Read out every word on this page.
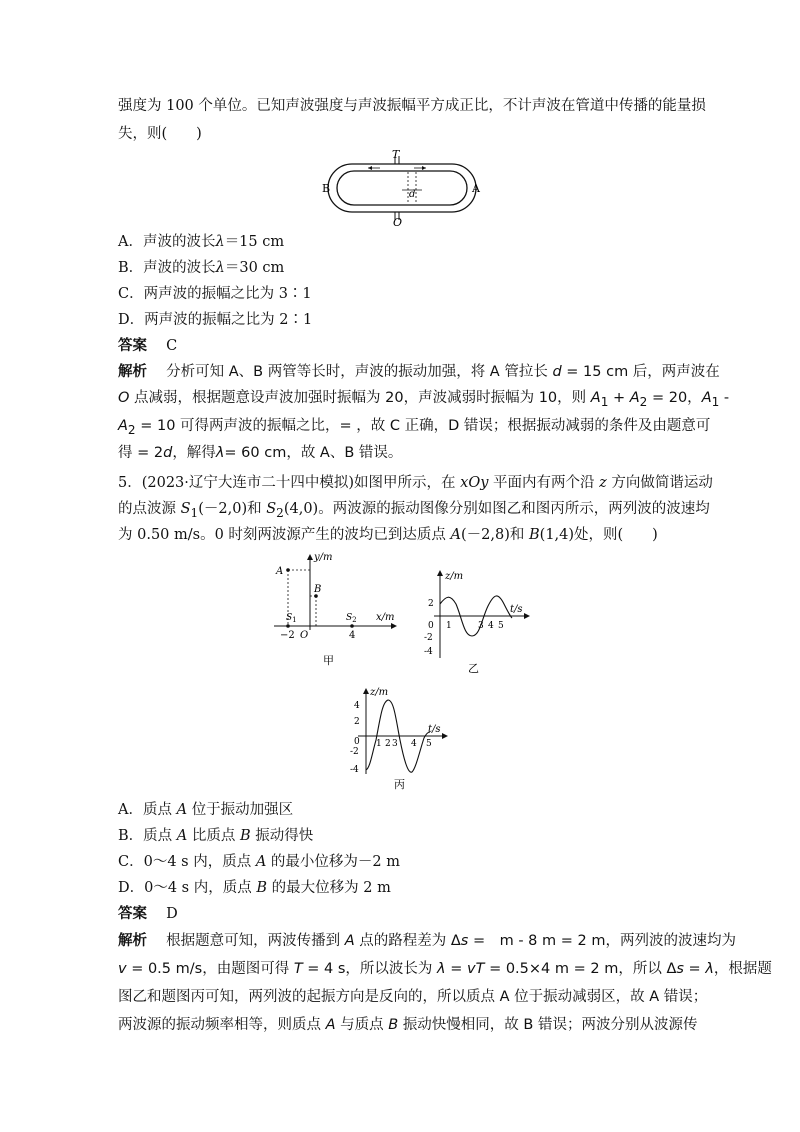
强度为 100 个单位。已知声波强度与声波振幅平方成正比，不计声波在管道中传播的能量损
失，则(　　)
T
O
d
B	A
A．声波的波长λ＝15 cm
B．声波的波长λ＝30 cm
C．两声波的振幅之比为 3∶1
D．两声波的振幅之比为 2∶1
答案　 C
解析　 分析可知 A、B 两管等长时，声波的振动加强，将 A 管拉长 d = 15 cm 后，两声波在
O 点减弱，根据题意设声波加强时振幅为 20，声波减弱时振幅为 10，则 $A_1 + A_2 = 20$，$A_1$ -
$A_2 = 10$ 可得两声波的振幅之比，= ，故 C 正确，D 错误；根据振动减弱的条件及由题意可
得 = 2d，解得λ= 60 cm，故 A、B 错误。
5．(2023·辽宁大连市二十四中模拟)如图甲所示，在 xOy 平面内有两个沿 z 方向做简谐运动
的点波源 $S_1(-2,0)$和 $S_2(4,0)$。两波源的振动图像分别如图乙和图丙所示，两列波的波速均
为 0.50 m/s。0 时刻两波源产生的波均已到达质点 A(－2,8)和 B(1,4)处，则(　　)
y/m
x/m
A
B
$S_1$	$S_2$
−2 O	4
甲
z/m
t/s
2
0
-2
-4
1	3 4 5
乙
z/m
t/s
4
2
0
-2
-4
1 2 3 4 5
丙
A．质点 A 位于振动加强区
B．质点 A 比质点 B 振动得快
C．0～4 s 内，质点 A 的最小位移为－2 m
D．0～4 s 内，质点 B 的最大位移为 2 m
答案　 D
解析　 根据题意可知，两波传播到 A 点的路程差为 Δs =　m - 8 m = 2 m，两列波的波速均为
v = 0.5 m/s，由题图可得 T = 4 s，所以波长为 λ = vT = 0.5×4 m = 2 m，所以 Δs = λ，根据题
图乙和题图丙可知，两列波的起振方向是反向的，所以质点 A 位于振动减弱区，故 A 错误；
两波源的振动频率相等，则质点 A 与质点 B 振动快慢相同，故 B 错误；两波分别从波源传
